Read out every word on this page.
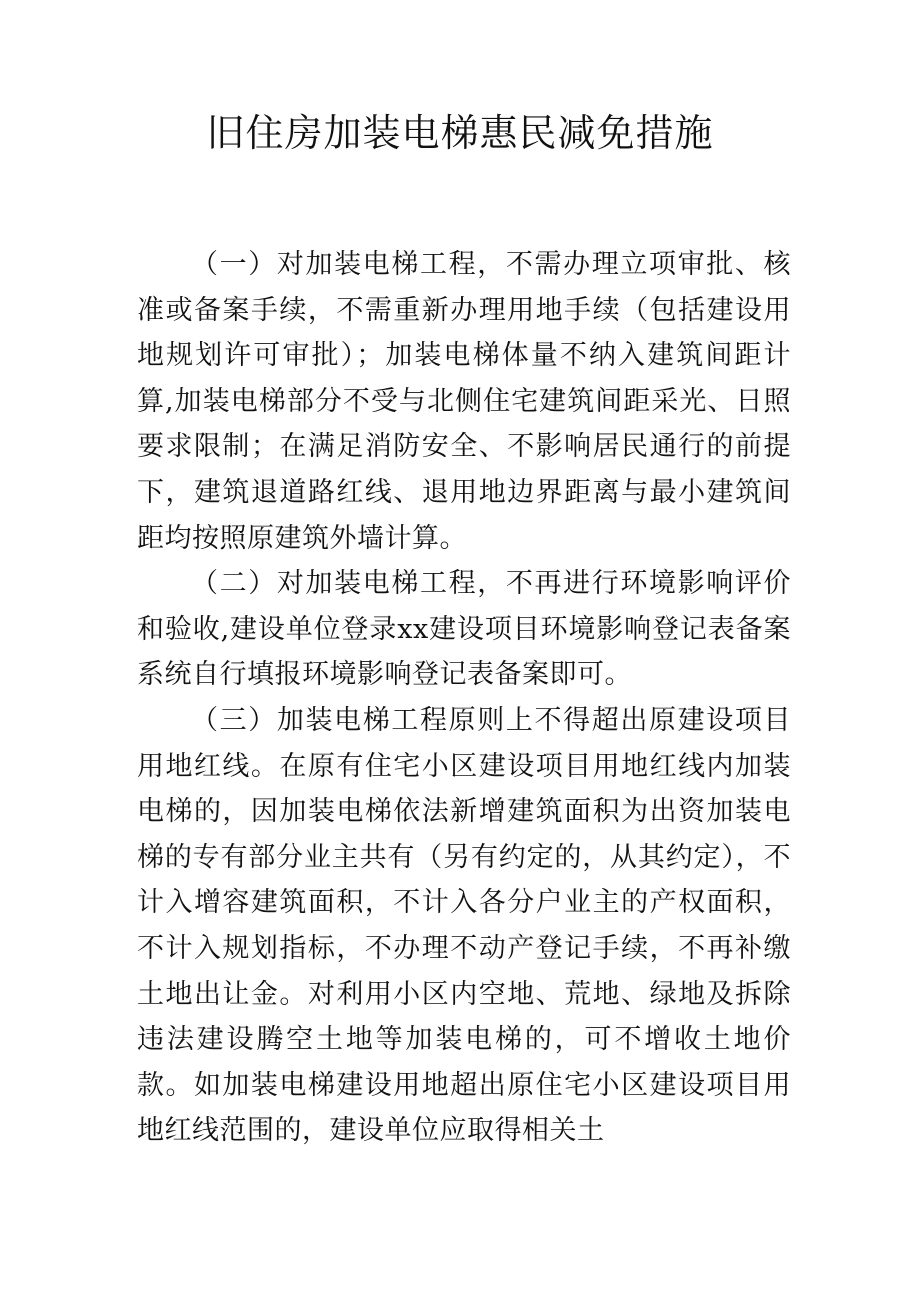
旧住房加装电梯惠民减免措施

（一）对加装电梯工程，不需办理立项审批、核准或备案手续，不需重新办理用地手续（包括建设用地规划许可审批）；加装电梯体量不纳入建筑间距计算,加装电梯部分不受与北侧住宅建筑间距采光、日照要求限制；在满足消防安全、不影响居民通行的前提下，建筑退道路红线、退用地边界距离与最小建筑间距均按照原建筑外墙计算。

（二）对加装电梯工程，不再进行环境影响评价和验收,建设单位登录xx建设项目环境影响登记表备案系统自行填报环境影响登记表备案即可。

（三）加装电梯工程原则上不得超出原建设项目用地红线。在原有住宅小区建设项目用地红线内加装电梯的，因加装电梯依法新增建筑面积为出资加装电梯的专有部分业主共有（另有约定的，从其约定），不计入增容建筑面积，不计入各分户业主的产权面积，不计入规划指标，不办理不动产登记手续，不再补缴土地出让金。对利用小区内空地、荒地、绿地及拆除违法建设腾空土地等加装电梯的，可不增收土地价款。如加装电梯建设用地超出原住宅小区建设项目用地红线范围的，建设单位应取得相关土
